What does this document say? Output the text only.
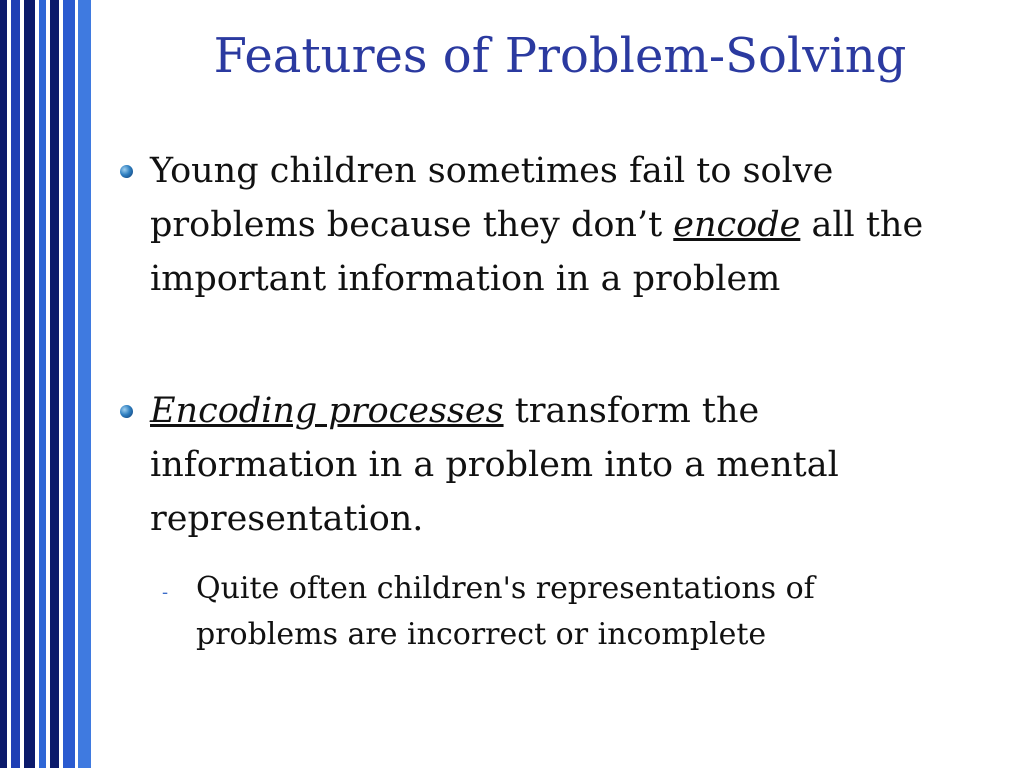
Features of Problem-Solving
Young children sometimes fail to solve problems because they don’t encode all the important information in a problem
Encoding processes transform the information in a problem into a mental representation.
‐ Quite often children's representations of problems are incorrect or incomplete
